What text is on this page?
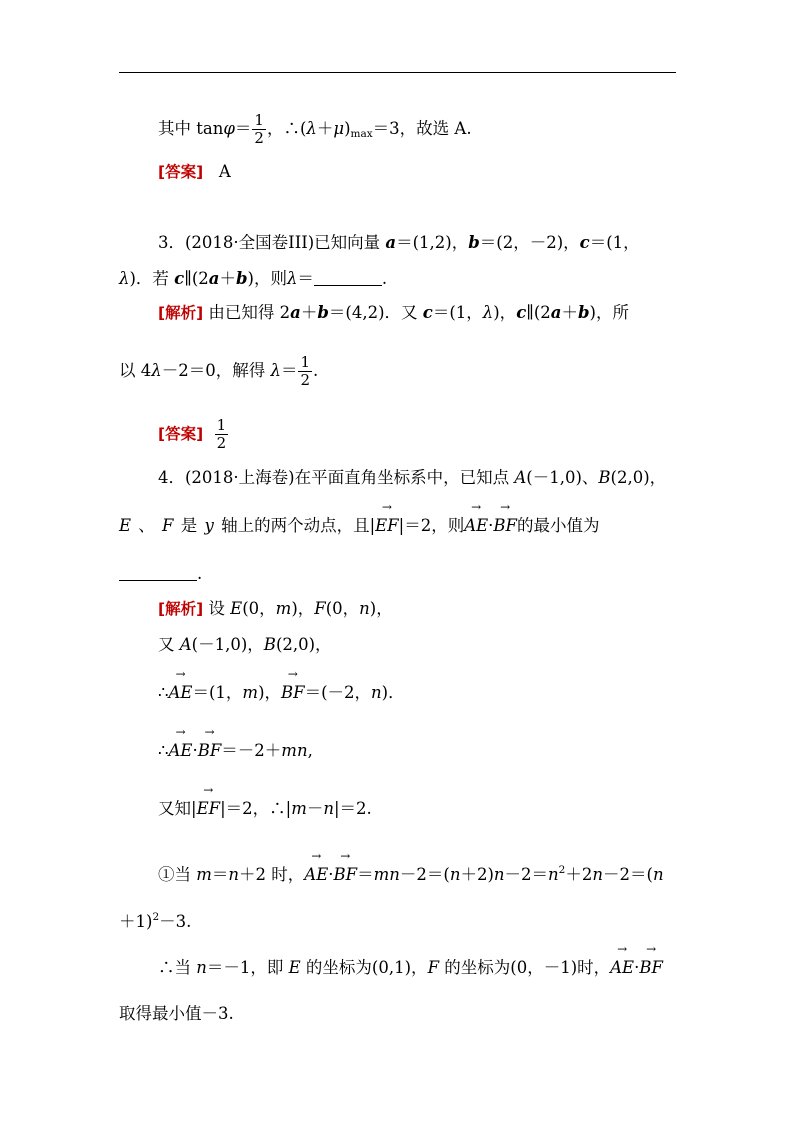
其中 $\tan\varphi= \frac{1}{2}$ ，$\therefore(\lambda+\mu)_{max}=3$，故选 A.
[答案] A
3．(2018·全国卷III)已知向量 a＝(1,2)，b＝(2，－2)，c＝(1，
λ)．若 c∥(2a＋b)，则λ＝	.
[解析] 由已知得 2a＋b＝(4,2)．又 c＝(1，λ)，c∥(2a＋b)，所
以 4λ－2＝0，解得 $\lambda= \frac{1}{2}$ .
[答案] $\frac{1}{2}$
4．(2018·上海卷)在平面直角坐标系中，已知点 A(－1,0)、B(2,0)，
E 、 F 是 y 轴上的两个动点，且|→ EF|＝2，则→ AE·→ BF的最小值为
.
[解析] 设 E(0，m)，F(0，n)，
又 A(－1,0)，B(2,0)，
∴→ AE＝(1，m)，→ BF＝(－2，n)．
∴→ AE·→ BF＝－2＋mn,
又知|→ EF|＝2，∴|m－n|＝2.
①当 m＝n＋2 时，→ $AE\cdot\to BF=mn-2=(n+2)n-2=n^2+2n-2=(n$
＋1)$^2$－3.
∴当 n＝－1，即 E 的坐标为(0,1)，F 的坐标为(0，－1)时，→ AE·→ BF
取得最小值－3.
